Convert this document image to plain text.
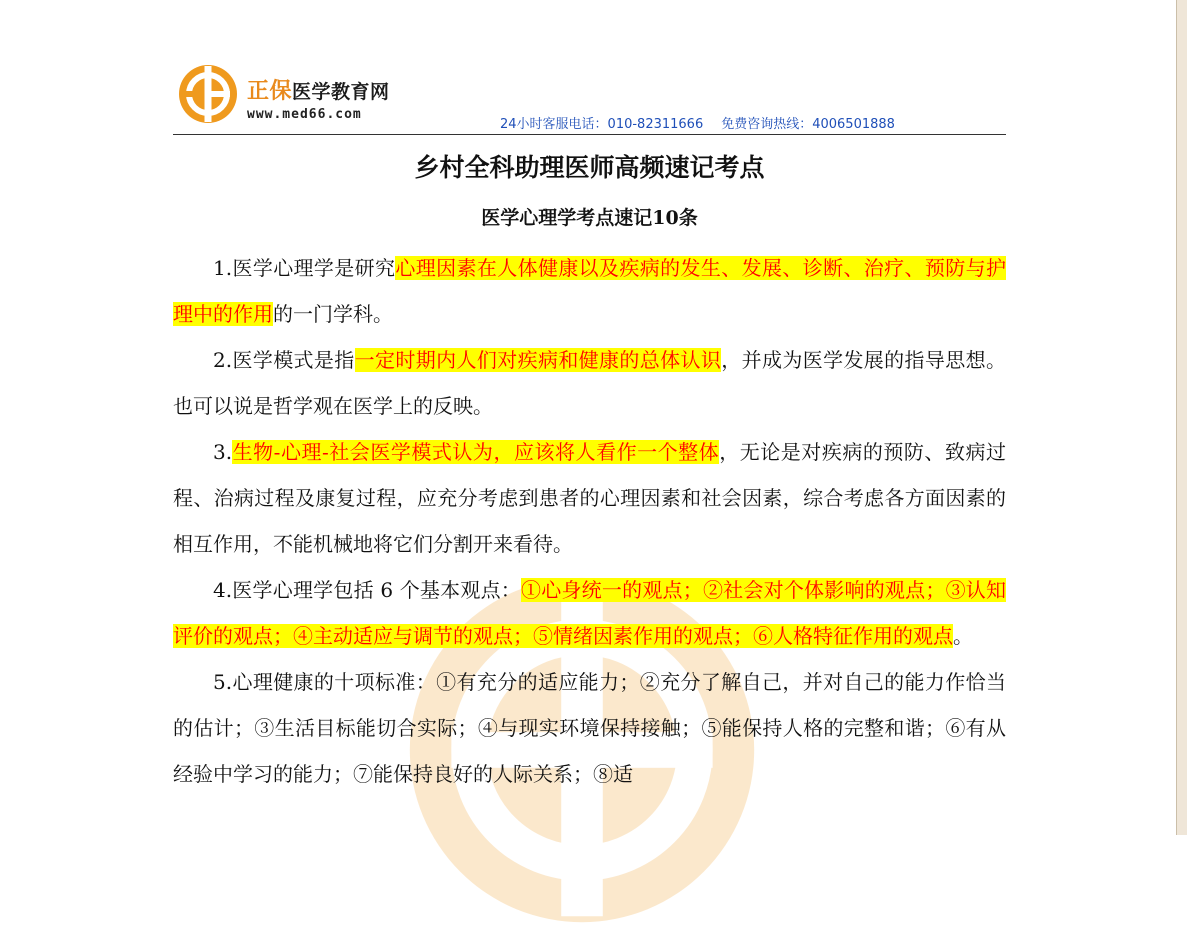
正保医学教育网
www.med66.com
24小时客服电话：010-82311666 免费咨询热线：4006501888
乡村全科助理医师高频速记考点
医学心理学考点速记10条

1.医学心理学是研究心理因素在人体健康以及疾病的发生、发展、诊断、治疗、预防与护理中的作用的一门学科。

2.医学模式是指一定时期内人们对疾病和健康的总体认识，并成为医学发展的指导思想。也可以说是哲学观在医学上的反映。

3.生物-心理-社会医学模式认为，应该将人看作一个整体，无论是对疾病的预防、致病过程、治病过程及康复过程，应充分考虑到患者的心理因素和社会因素，综合考虑各方面因素的相互作用，不能机械地将它们分割开来看待。

4.医学心理学包括 6 个基本观点：①心身统一的观点；②社会对个体影响的观点；③认知评价的观点；④主动适应与调节的观点；⑤情绪因素作用的观点；⑥人格特征作用的观点。

5.心理健康的十项标准：①有充分的适应能力；②充分了解自己，并对自己的能力作恰当的估计；③生活目标能切合实际；④与现实环境保持接触；⑤能保持人格的完整和谐；⑥有从经验中学习的能力；⑦能保持良好的人际关系；⑧适
